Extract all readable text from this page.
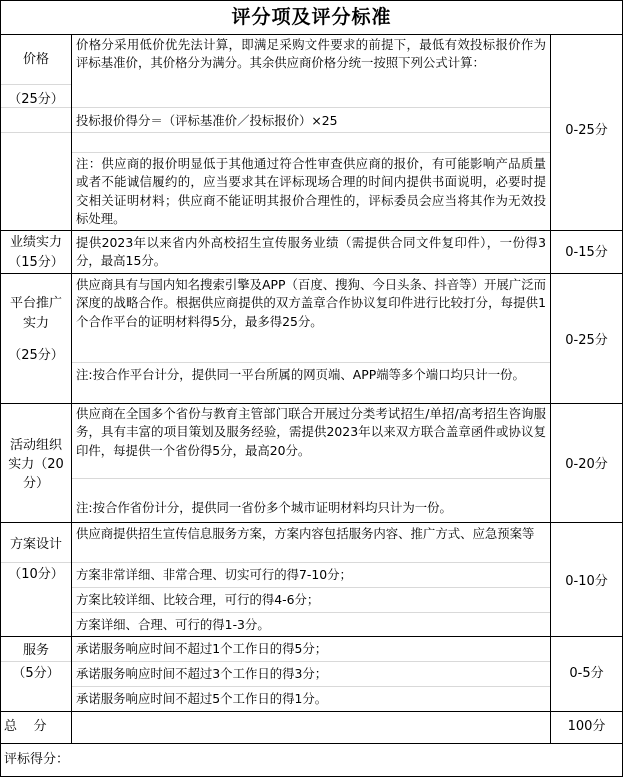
评分项及评分标准
价格
（25分）
价格分采用低价优先法计算，即满足采购文件要求的前提下，最低有效投标报价作为评标基准价，其价格分为满分。其余供应商价格分统一按照下列公式计算：
投标报价得分＝（评标基准价／投标报价）×25
注：供应商的报价明显低于其他通过符合性审查供应商的报价，有可能影响产品质量或者不能诚信履约的，应当要求其在评标现场合理的时间内提供书面说明，必要时提交相关证明材料；供应商不能证明其报价合理性的，评标委员会应当将其作为无效投标处理。
0-25分
业绩实力
（15分）
提供2023年以来省内外高校招生宣传服务业绩（需提供合同文件复印件），一份得3分，最高15分。
0-15分
平台推广
实力
（25分）
供应商具有与国内知名搜索引擎及APP（百度、搜狗、今日头条、抖音等）开展广泛而深度的战略合作。根据供应商提供的双方盖章合作协议复印件进行比较打分，每提供1个合作平台的证明材料得5分，最多得25分。
注:按合作平台计分，提供同一平台所属的网页端、APP端等多个端口均只计一份。
0-25分
活动组织
实力（20
分）
供应商在全国多个省份与教育主管部门联合开展过分类考试招生/单招/高考招生咨询服务，具有丰富的项目策划及服务经验，需提供2023年以来双方联合盖章函件或协议复印件，每提供一个省份得5分，最高20分。
注:按合作省份计分，提供同一省份多个城市证明材料均只计为一份。
0-20分
方案设计
（10分）
供应商提供招生宣传信息服务方案，方案内容包括服务内容、推广方式、应急预案等
方案非常详细、非常合理、切实可行的得7-10分；
方案比较详细、比较合理，可行的得4-6分；
方案详细、合理、可行的得1-3分。
0-10分
服务
（5分）
承诺服务响应时间不超过1个工作日的得5分；
承诺服务响应时间不超过3个工作日的得3分；
承诺服务响应时间不超过5个工作日的得1分。
0-5分
总    分	100分
评标得分：
